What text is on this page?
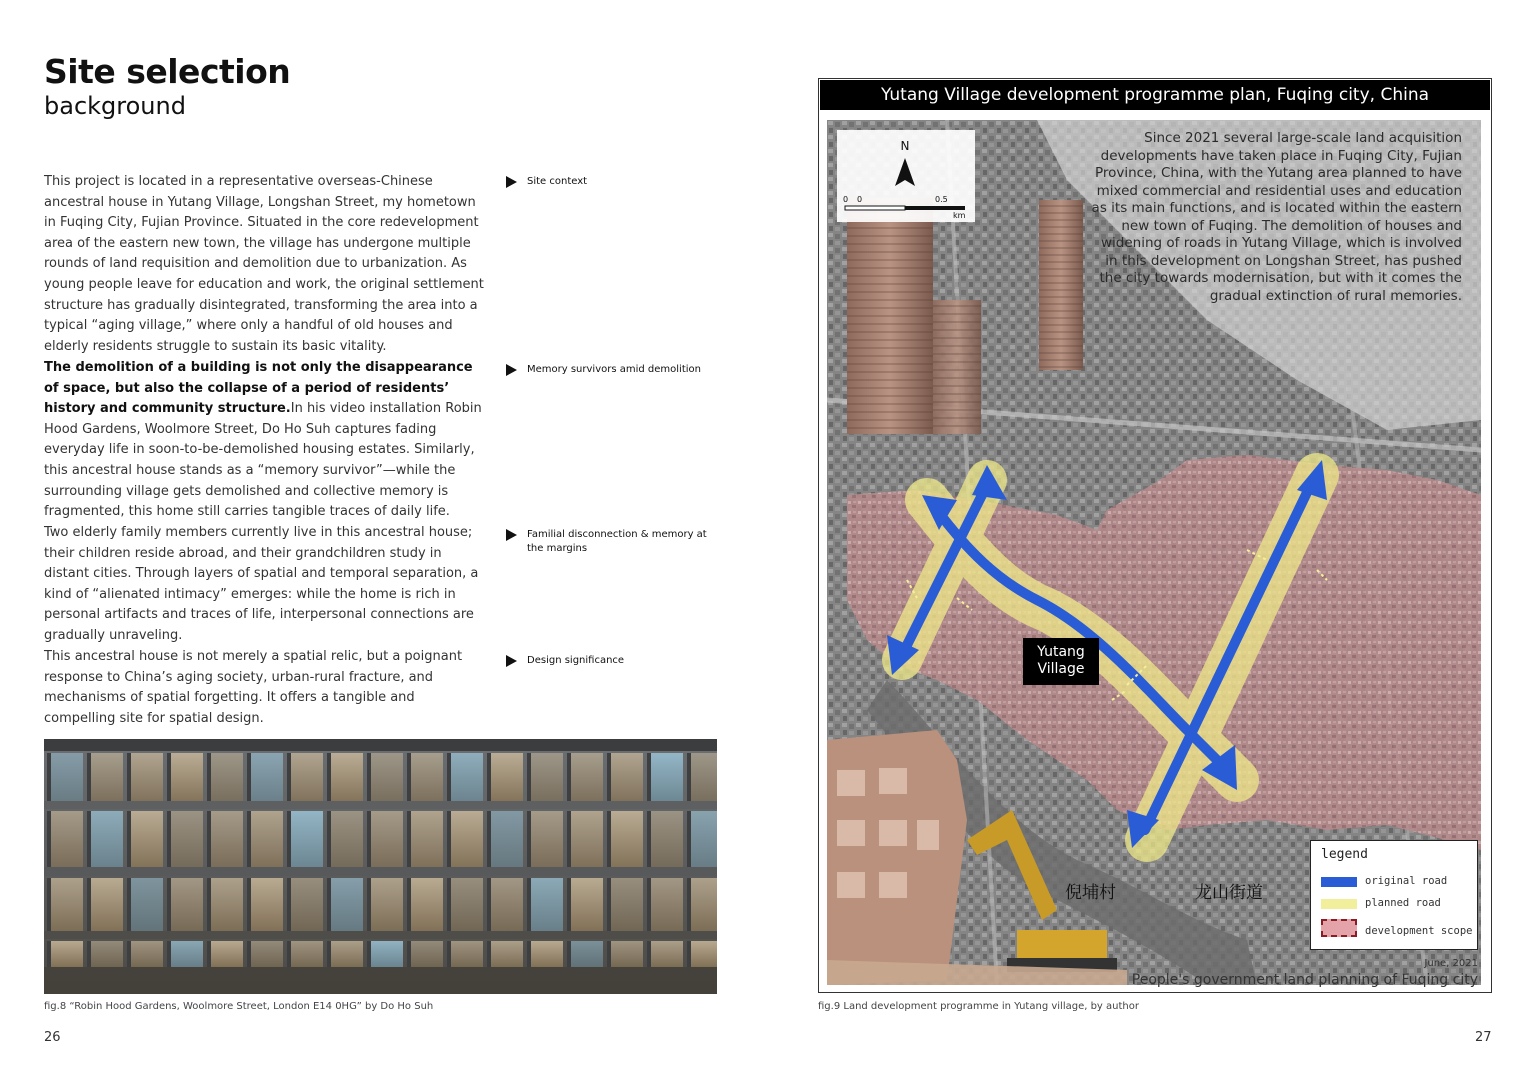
Site selection
background
This project is located in a representative overseas-Chinese ancestral house in Yutang Village, Longshan Street, my hometown in Fuqing City, Fujian Province. Situated in the core redevelopment area of the eastern new town, the village has undergone multiple rounds of land requisition and demolition due to urbanization. As young people leave for education and work, the original settlement structure has gradually disintegrated, transforming the area into a typical “aging village,” where only a handful of old houses and elderly residents struggle to sustain its basic vitality.
The demolition of a building is not only the disappearance of space, but also the collapse of a period of residents’ history and community structure.In his video installation Robin Hood Gardens, Woolmore Street, Do Ho Suh captures fading everyday life in soon-to-be-demolished housing estates. Similarly, this ancestral house stands as a “memory survivor”—while the surrounding village gets demolished and collective memory is fragmented, this home still carries tangible traces of daily life.
Two elderly family members currently live in this ancestral house; their children reside abroad, and their grandchildren study in distant cities. Through layers of spatial and temporal separation, a kind of “alienated intimacy” emerges: while the home is rich in personal artifacts and traces of life, interpersonal connections are gradually unraveling.
This ancestral house is not merely a spatial relic, but a poignant response to China’s aging society, urban-rural fracture, and mechanisms of spatial forgetting. It offers a tangible and compelling site for spatial design.
Site context
Memory survivors amid demolition
Familial disconnection & memory at the margins
Design significance
fig.8 “Robin Hood Gardens, Woolmore Street, London E14 0HG” by Do Ho Suh
26
Yutang Village development programme plan, Fuqing city, China
N
0 0	0.5
km
倪埔村	龙山街道
Since 2021 several large-scale land acquisition developments have taken place in Fuqing City, Fujian Province, China, with the Yutang area planned to have mixed commercial and residential uses and education as its main functions, and is located within the eastern new town of Fuqing. The demolition of houses and widening of roads in Yutang Village, which is involved in this development on Longshan Street, has pushed the city towards modernisation, but with it comes the gradual extinction of rural memories.
Yutang
Village
legend
original road
planned road
development scope
June, 2021
People's government land planning of Fuqing city
fig.9 Land development programme in Yutang village, by author
27
